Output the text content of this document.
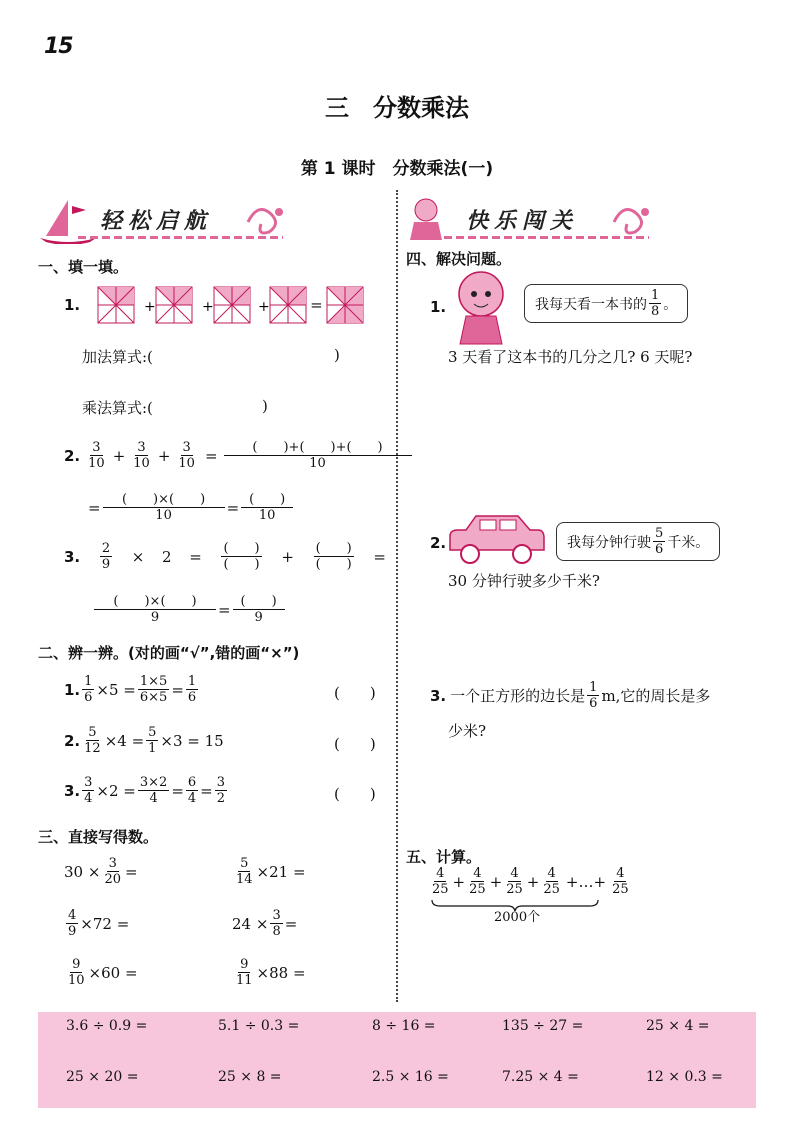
15
三　分数乘法
第 1 课时　分数乘法(一)
轻松启航	快乐闯关
一、填一填。
1.	+	+	+	=
加法算式:(	)
乘法算式:(	)
2. $\frac{3}{10} + \frac{3}{10} + \frac{3}{10} = \frac{( )+( )+( )}{10}$
= $\frac{( )\times( )}{10} = \frac{( )}{10}$
3. $\frac{2}{9} \times 2 = \frac{( )}{( )} + \frac{( )}{( )}$ =
$\frac{( )\times( )}{9} = \frac{( )}{9}$
二、辨一辨。(对的画“√”,错的画“×”)
1. $\frac{1}{6} \times 5 = \frac{1\times 5}{6\times 5} = \frac{1}{6}$	(　　)
2. $\frac{5}{12} \times 4 = \frac{5}{1} \times 3 = 15$	(　　)
3. $\frac{3}{4} \times 2 = \frac{3\times 2}{4} = \frac{6}{4} = \frac{3}{2}$	(　　)
三、直接写得数。
$30 \times \frac{3}{20}$ =	$\frac{5}{14} \times 21$ =
$\frac{4}{9} \times 72$ =	$24 \times \frac{3}{8}$ =
$\frac{9}{10} \times 60$ =	$\frac{9}{11} \times 88$ =
四、解决问题。
1.	我每天看一本书的 $\frac{1}{8}$ 。
3 天看了这本书的几分之几? 6 天呢?
2.	我每分钟行驶 $\frac{5}{6}$ 千米。
30 分钟行驶多少千米?
3. 一个正方形的边长是 $\frac{1}{6} m$,它的周长是多
少米?
五、计算。
$\frac{4}{25} + \frac{4}{25} + \frac{4}{25} + \frac{4}{25}$ +…+ $\frac{4}{25}$
2000个
3.6 ÷ 0.9 =	5.1 ÷ 0.3 =	8 ÷ 16 =	135 ÷ 27 =	25 × 4 =
25 × 20 =	25 × 8 =	2.5 × 16 =	7.25 × 4 =	12 × 0.3 =
